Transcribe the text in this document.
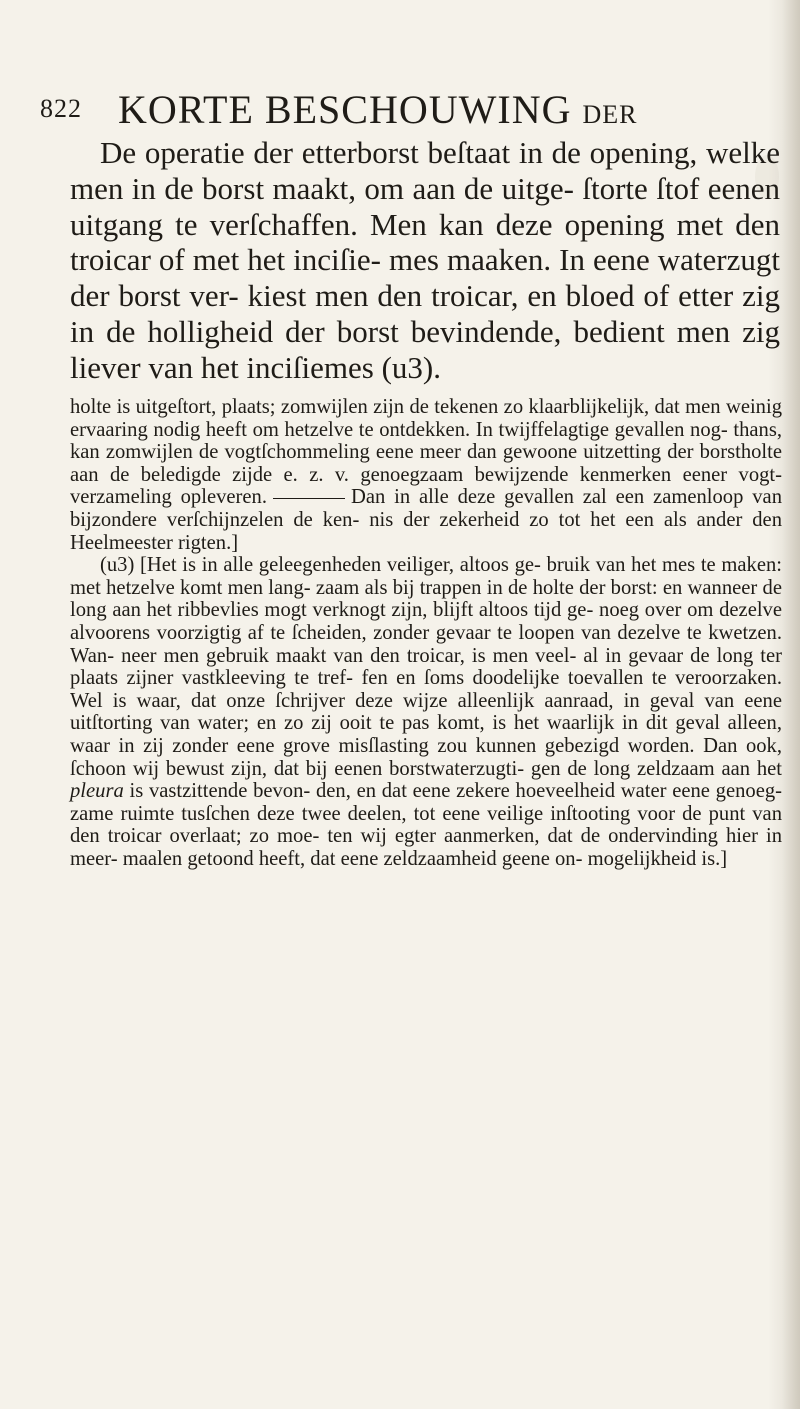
822 KORTE BESCHOUWING DER

De operatie der etterborst beſtaat in de opening, welke men in de borst maakt, om aan de uitge- ſtorte ſtof eenen uitgang te verſchaffen. Men kan deze opening met den troicar of met het inciſie- mes maaken. In eene waterzugt der borst ver- kiest men den troicar, en bloed of etter zig in de holligheid der borst bevindende, bedient men zig liever van het inciſiemes (u3).

holte is uitgeſtort, plaats; zomwijlen zijn de tekenen zo klaarblijkelijk, dat men weinig ervaaring nodig heeft om hetzelve te ontdekken. In twijffelagtige gevallen nog- thans, kan zomwijlen de vogtſchommeling eene meer dan gewoone uitzetting der borstholte aan de beledigde zijde e. z. v. genoegzaam bewijzende kenmerken eener vogt- verzameling opleveren.	Dan in alle deze gevallen zal een zamenloop van bijzondere verſchijnzelen de ken- nis der zekerheid zo tot het een als ander den Heelmeester rigten.]

(u3) [Het is in alle geleegenheden veiliger, altoos ge- bruik van het mes te maken: met hetzelve komt men lang- zaam als bij trappen in de holte der borst: en wanneer de long aan het ribbevlies mogt verknogt zijn, blijft altoos tijd ge- noeg over om dezelve alvoorens voorzigtig af te ſcheiden, zonder gevaar te loopen van dezelve te kwetzen. Wan- neer men gebruik maakt van den troicar, is men veel- al in gevaar de long ter plaats zijner vastkleeving te tref- fen en ſoms doodelijke toevallen te veroorzaken. Wel is waar, dat onze ſchrijver deze wijze alleenlijk aanraad, in geval van eene uitſtorting van water; en zo zij ooit te pas komt, is het waarlijk in dit geval alleen, waar in zij zonder eene grove misſlasting zou kunnen gebezigd worden. Dan ook, ſchoon wij bewust zijn, dat bij eenen borstwaterzugti- gen de long zeldzaam aan het pleura is vastzittende bevon- den, en dat eene zekere hoeveelheid water eene genoeg- zame ruimte tusſchen deze twee deelen, tot eene veilige inſtooting voor de punt van den troicar overlaat; zo moe- ten wij egter aanmerken, dat de ondervinding hier in meer- maalen getoond heeft, dat eene zeldzaamheid geene on- mogelijkheid is.]
